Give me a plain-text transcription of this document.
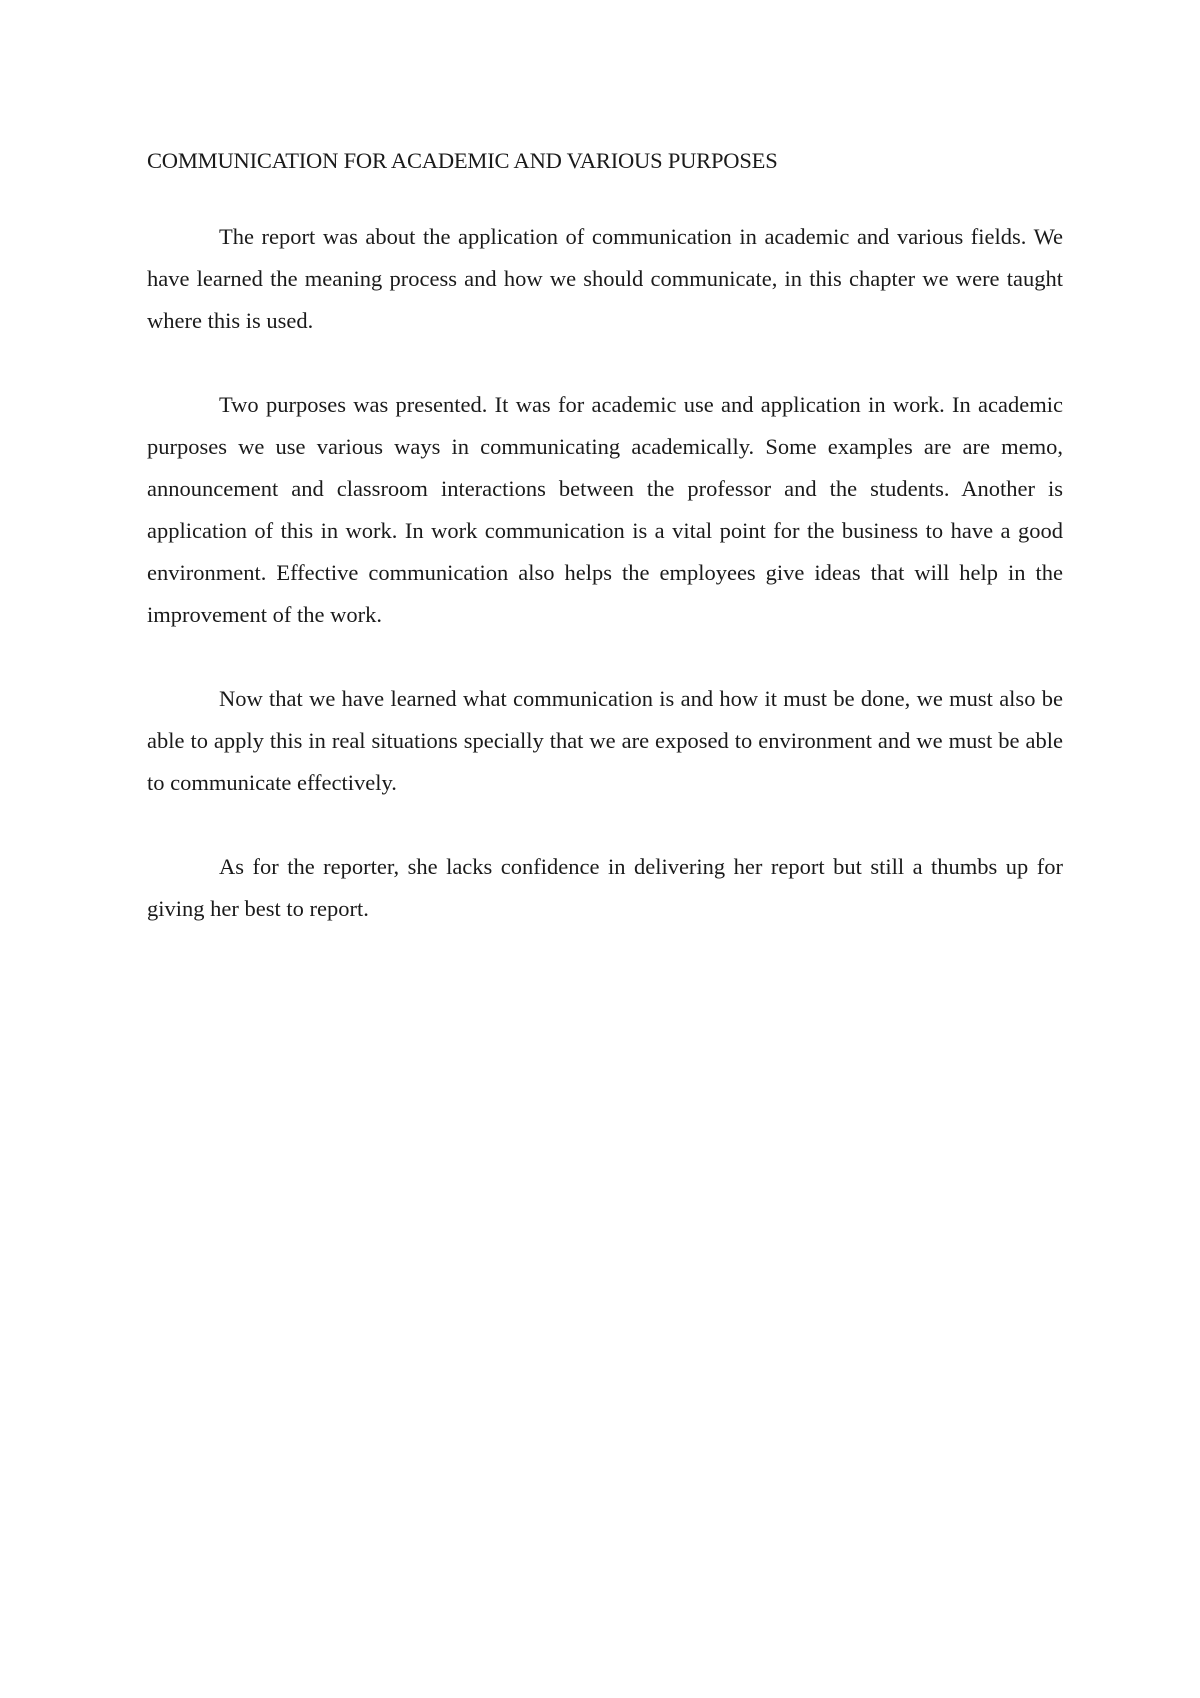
COMMUNICATION FOR ACADEMIC AND VARIOUS PURPOSES

The report was about the application of communication in academic and various fields. We have learned the meaning process and how we should communicate, in this chapter we were taught where this is used.

Two purposes was presented. It was for academic use and application in work. In academic purposes we use various ways in communicating academically. Some examples are are memo, announcement and classroom interactions between the professor and the students. Another is application of this in work. In work communication is a vital point for the business to have a good environment. Effective communication also helps the employees give ideas that will help in the improvement of the work.

Now that we have learned what communication is and how it must be done, we must also be able to apply this in real situations specially that we are exposed to environment and we must be able to communicate effectively.

As for the reporter, she lacks confidence in delivering her report but still a thumbs up for giving her best to report.
